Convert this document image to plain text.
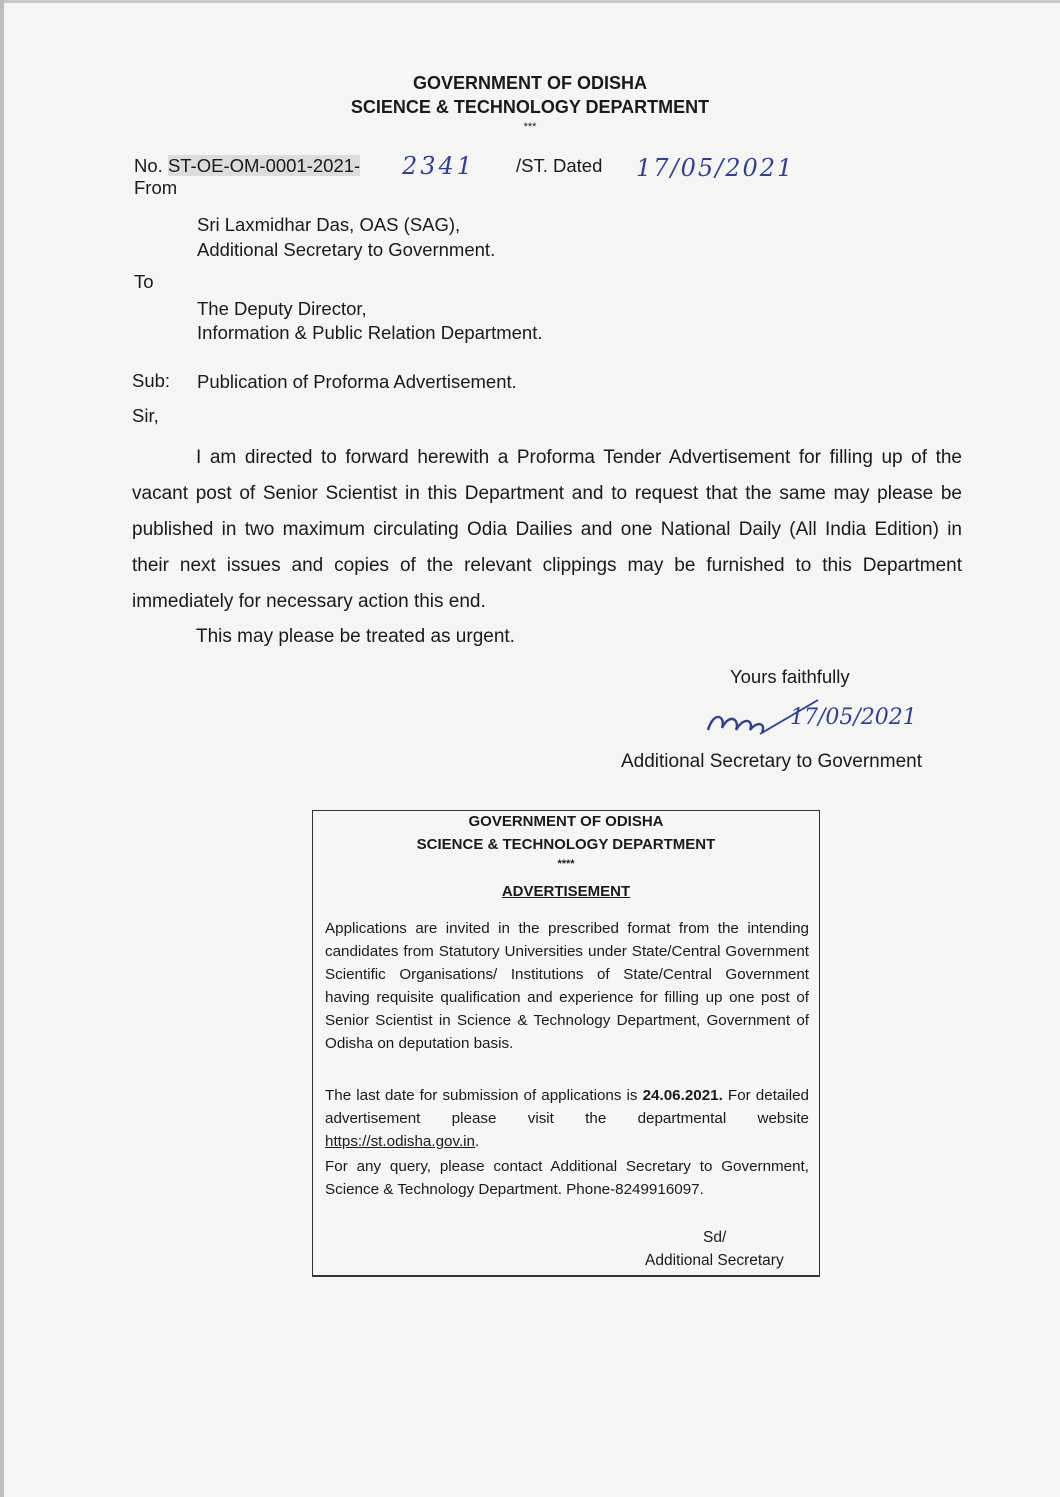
GOVERNMENT OF ODISHA
SCIENCE & TECHNOLOGY DEPARTMENT
***
No. ST-OE-OM-0001-2021- 2341 /ST. Dated 17/05/2021
From
Sri Laxmidhar Das, OAS (SAG),
Additional Secretary to Government.
To
The Deputy Director,
Information & Public Relation Department.
Sub: Publication of Proforma Advertisement.
Sir,
I am directed to forward herewith a Proforma Tender Advertisement for filling up of the vacant post of Senior Scientist in this Department and to request that the same may please be published in two maximum circulating Odia Dailies and one National Daily (All India Edition) in their next issues and copies of the relevant clippings may be furnished to this Department immediately for necessary action this end.
This may please be treated as urgent.
Yours faithfully
17/05/2021
Additional Secretary to Government
GOVERNMENT OF ODISHA
SCIENCE & TECHNOLOGY DEPARTMENT
****
ADVERTISEMENT
Applications are invited in the prescribed format from the intending candidates from Statutory Universities under State/Central Government Scientific Organisations/ Institutions of State/Central Government having requisite qualification and experience for filling up one post of Senior Scientist in Science & Technology Department, Government of Odisha on deputation basis.
The last date for submission of applications is 24.06.2021. For detailed advertisement please visit the departmental website https://st.odisha.gov.in.
For any query, please contact Additional Secretary to Government, Science & Technology Department. Phone-8249916097.
Sd/
Additional Secretary
